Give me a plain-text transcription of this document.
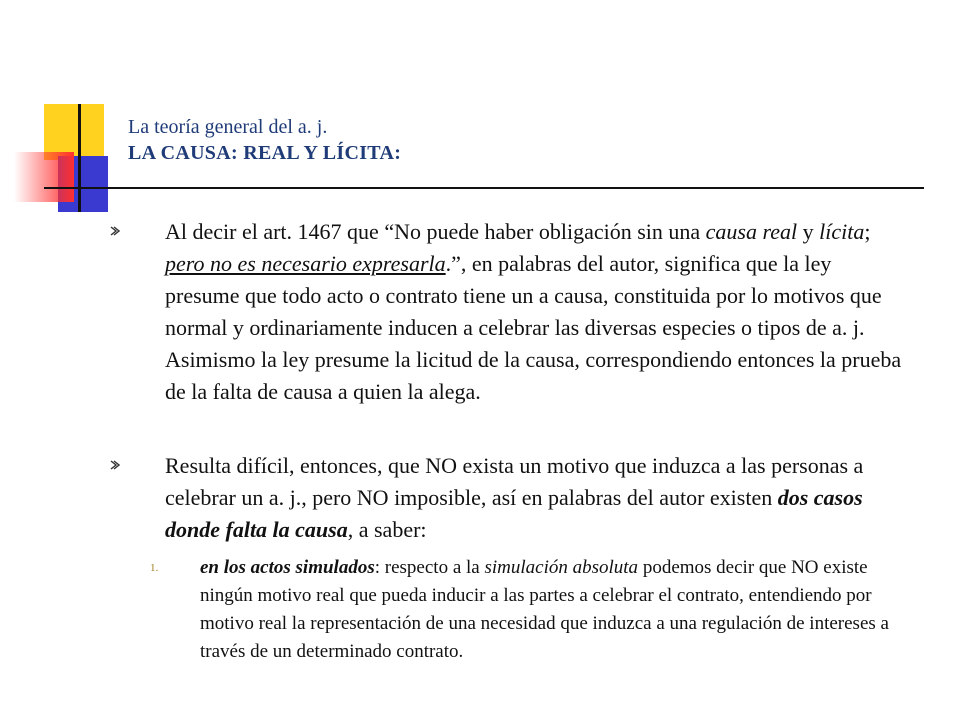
La teoría general del a. j.

LA CAUSA: REAL Y LÍCITA:

Al decir el art. 1467 que “No puede haber obligación sin una causa real y lícita; pero no es necesario expresarla.”, en palabras del autor, significa que la ley presume que todo acto o contrato tiene un a causa, constituida por lo motivos que normal y ordinariamente inducen a celebrar las diversas especies o tipos de a. j. Asimismo la ley presume la licitud de la causa, correspondiendo entonces la prueba de la falta de causa a quien la alega.
Resulta difícil, entonces, que NO exista un motivo que induzca a las personas a celebrar un a. j., pero NO imposible, así en palabras del autor existen dos casos donde falta la causa, a saber:
1.	en los actos simulados: respecto a la simulación absoluta podemos decir que NO existe ningún motivo real que pueda inducir a las partes a celebrar el contrato, entendiendo por motivo real la representación de una necesidad que induzca a una regulación de intereses a través de un determinado contrato.
